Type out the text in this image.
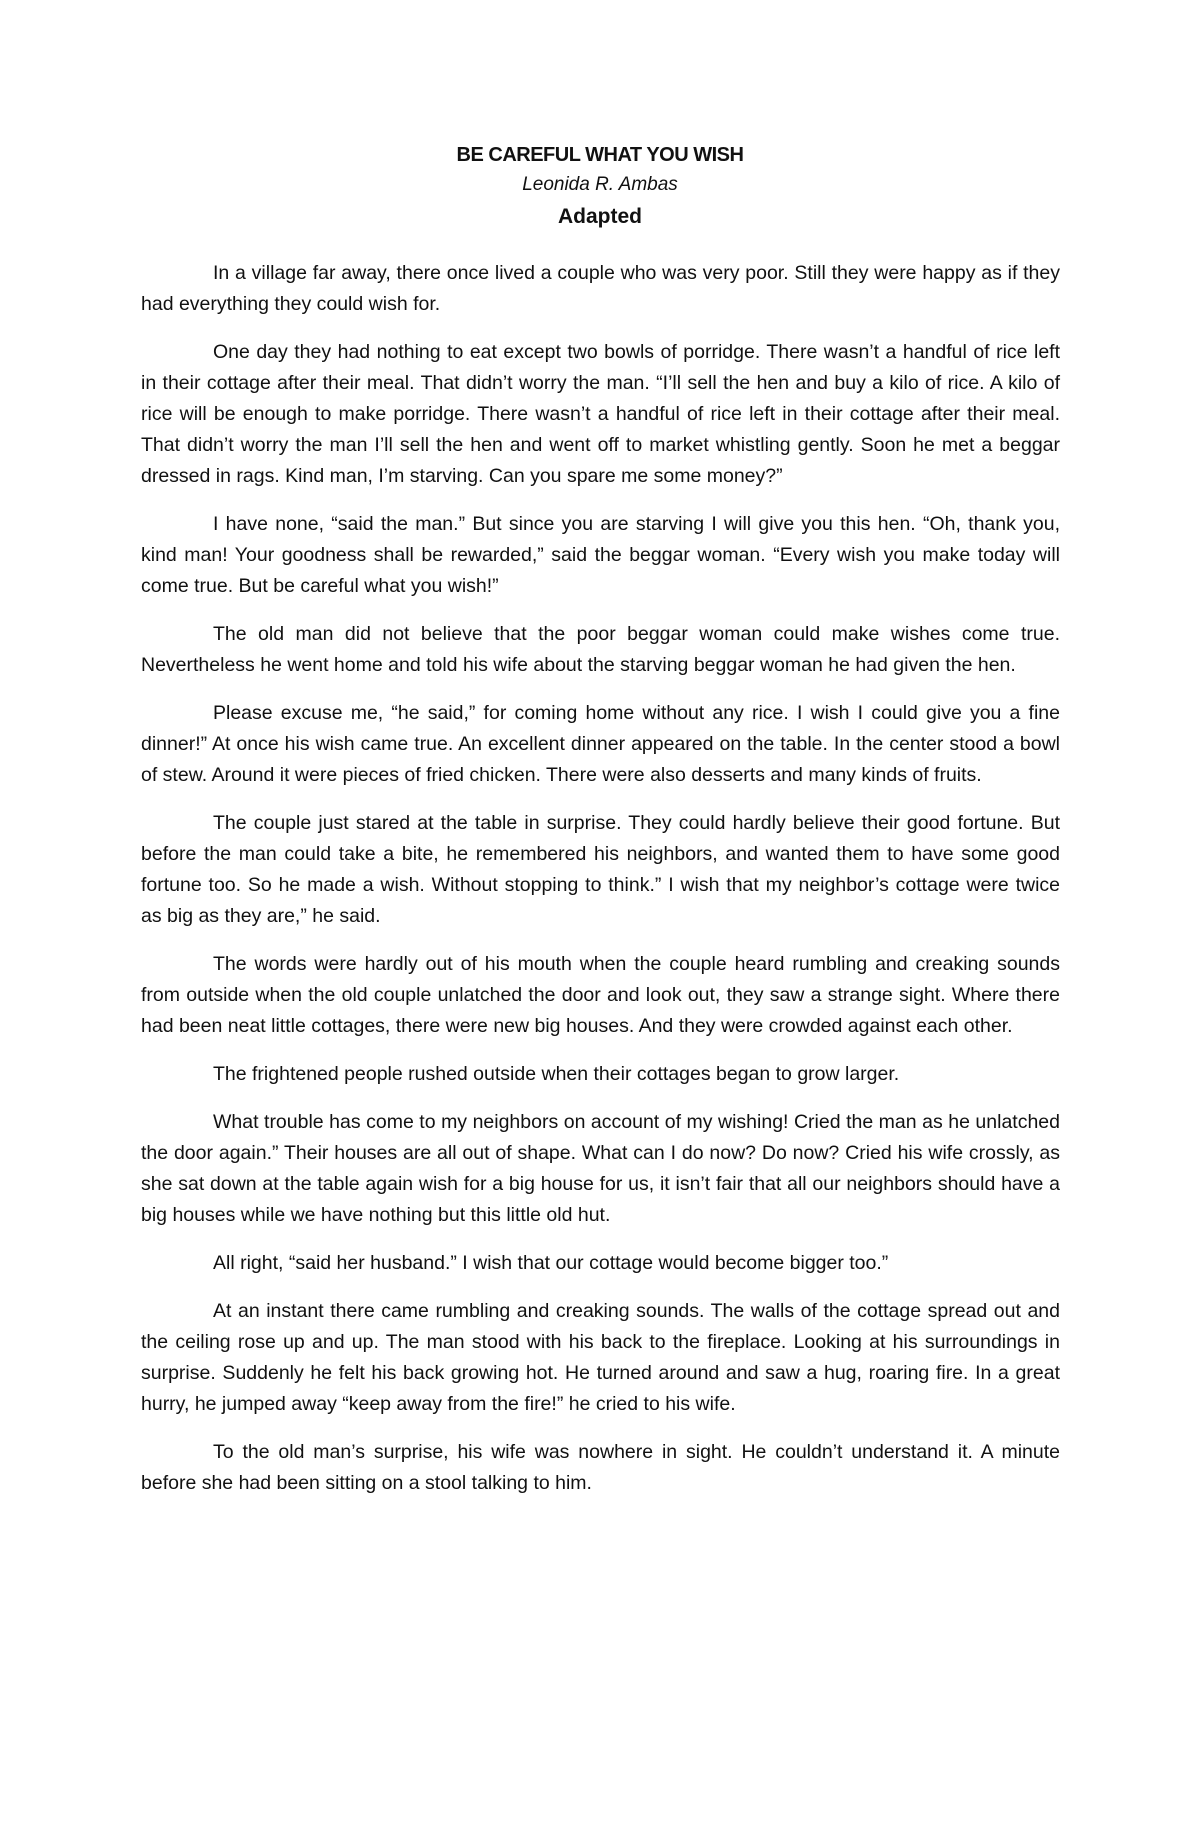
BE CAREFUL WHAT YOU WISH
Leonida R. Ambas
Adapted

In a village far away, there once lived a couple who was very poor. Still they were happy as if they had everything they could wish for.

One day they had nothing to eat except two bowls of porridge. There wasn’t a handful of rice left in their cottage after their meal. That didn’t worry the man. “I’ll sell the hen and buy a kilo of rice. A kilo of rice will be enough to make porridge. There wasn’t a handful of rice left in their cottage after their meal. That didn’t worry the man I’ll sell the hen and went off to market whistling gently. Soon he met a beggar dressed in rags. Kind man, I’m starving. Can you spare me some money?”

I have none, “said the man.” But since you are starving I will give you this hen. “Oh, thank you, kind man! Your goodness shall be rewarded,” said the beggar woman. “Every wish you make today will come true. But be careful what you wish!”

The old man did not believe that the poor beggar woman could make wishes come true. Nevertheless he went home and told his wife about the starving beggar woman he had given the hen.

Please excuse me, “he said,” for coming home without any rice. I wish I could give you a fine dinner!” At once his wish came true. An excellent dinner appeared on the table. In the center stood a bowl of stew. Around it were pieces of fried chicken. There were also desserts and many kinds of fruits.

The couple just stared at the table in surprise. They could hardly believe their good fortune. But before the man could take a bite, he remembered his neighbors, and wanted them to have some good fortune too. So he made a wish. Without stopping to think.” I wish that my neighbor’s cottage were twice as big as they are,” he said.

The words were hardly out of his mouth when the couple heard rumbling and creaking sounds from outside when the old couple unlatched the door and look out, they saw a strange sight. Where there had been neat little cottages, there were new big houses. And they were crowded against each other.

The frightened people rushed outside when their cottages began to grow larger.

What trouble has come to my neighbors on account of my wishing! Cried the man as he unlatched the door again.” Their houses are all out of shape. What can I do now? Do now? Cried his wife crossly, as she sat down at the table again wish for a big house for us, it isn’t fair that all our neighbors should have a big houses while we have nothing but this little old hut.

All right, “said her husband.” I wish that our cottage would become bigger too.”

At an instant there came rumbling and creaking sounds. The walls of the cottage spread out and the ceiling rose up and up. The man stood with his back to the fireplace. Looking at his surroundings in surprise. Suddenly he felt his back growing hot. He turned around and saw a hug, roaring fire. In a great hurry, he jumped away “keep away from the fire!” he cried to his wife.

To the old man’s surprise, his wife was nowhere in sight. He couldn’t understand it. A minute before she had been sitting on a stool talking to him.
